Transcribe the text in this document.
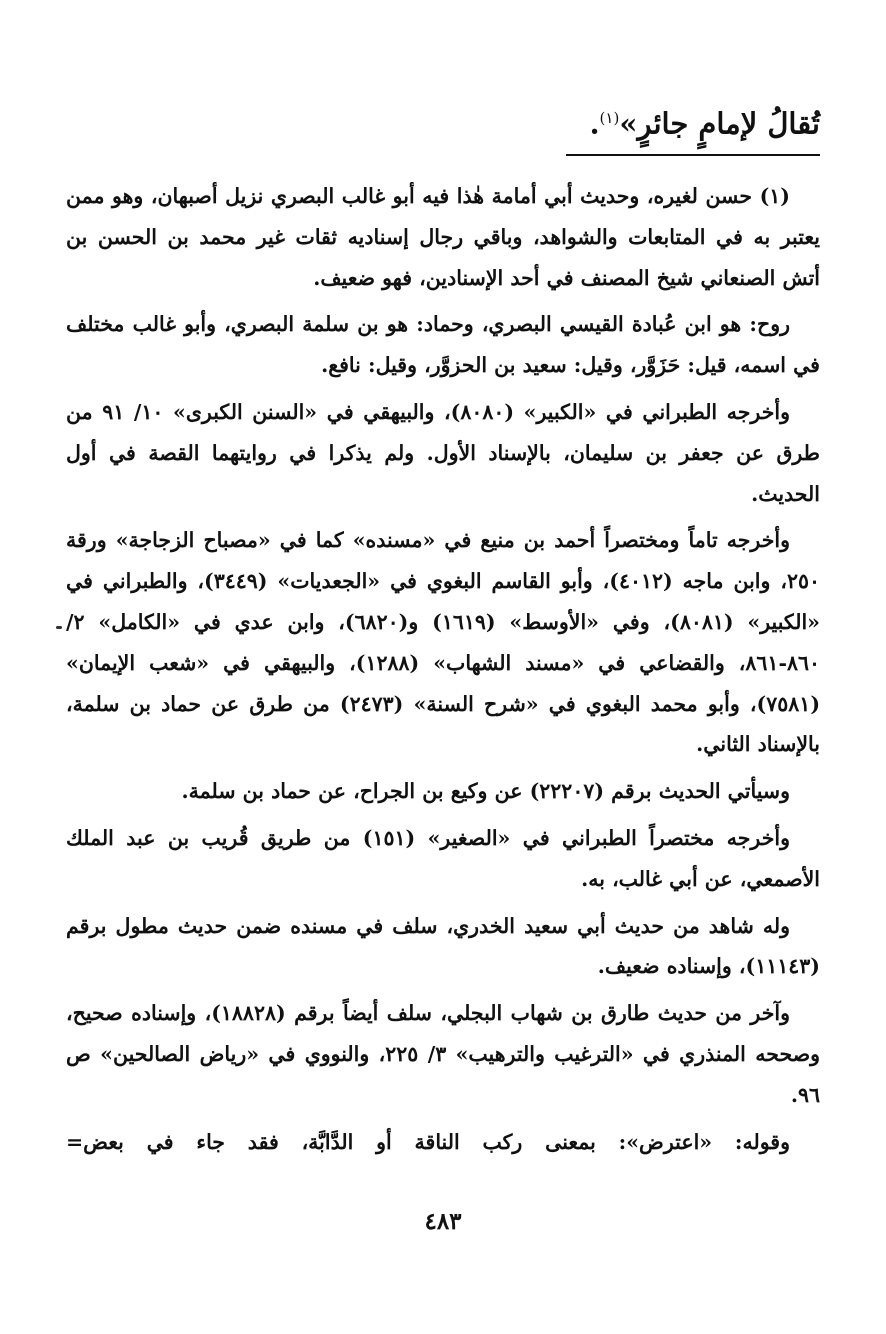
تُقالُ لإمامٍ جائرٍ»$^{(١)}$.

(١) حسن لغيره، وحديث أبي أمامة هٰذا فيه أبو غالب البصري نزيل أصبهان، وهو ممن يعتبر به في المتابعات والشواهد، وباقي رجال إسناديه ثقات غير محمد بن الحسن بن أتش الصنعاني شيخ المصنف في أحد الإسنادين، فهو ضعيف.

روح: هو ابن عُبادة القيسي البصري، وحماد: هو بن سلمة البصري، وأبو غالب مختلف في اسمه، قيل: حَزَوَّر، وقيل: سعيد بن الحزوَّر، وقيل: نافع.

وأخرجه الطبراني في «الكبير» (٨٠٨٠)، والبيهقي في «السنن الكبرى» ١٠/ ٩١ من طرق عن جعفر بن سليمان، بالإسناد الأول. ولم يذكرا في روايتهما القصة في أول الحديث.

وأخرجه تاماً ومختصراً أحمد بن منيع في «مسنده» كما في «مصباح الزجاجة» ورقة ٢٥٠، وابن ماجه (٤٠١٢)، وأبو القاسم البغوي في «الجعديات» (٣٤٤٩)، والطبراني في «الكبير» (٨٠٨١)، وفي «الأوسط» (١٦١٩) و(٦٨٢٠)، وابن عدي في «الكامل» ٢/ ٨٦٠-٨٦١، والقضاعي في «مسند الشهاب» (١٢٨٨)، والبيهقي في «شعب الإيمان» (٧٥٨١)، وأبو محمد البغوي في «شرح السنة» (٢٤٧٣) من طرق عن حماد بن سلمة، بالإسناد الثاني.

وسيأتي الحديث برقم (٢٢٢٠٧) عن وكيع بن الجراح، عن حماد بن سلمة.

وأخرجه مختصراً الطبراني في «الصغير» (١٥١) من طريق قُريب بن عبد الملك الأصمعي، عن أبي غالب، به.

وله شاهد من حديث أبي سعيد الخدري، سلف في مسنده ضمن حديث مطول برقم (١١١٤٣)، وإسناده ضعيف.

وآخر من حديث طارق بن شهاب البجلي، سلف أيضاً برقم (١٨٨٢٨)، وإسناده صحيح، وصححه المنذري في «الترغيب والترهيب» ٣/ ٢٢٥، والنووي في «رياض الصالحين» ص ٩٦.

وقوله: «اعترض»: بمعنى ركب الناقة أو الدَّابَّة، فقد جاء في بعض=

٤٨٣
